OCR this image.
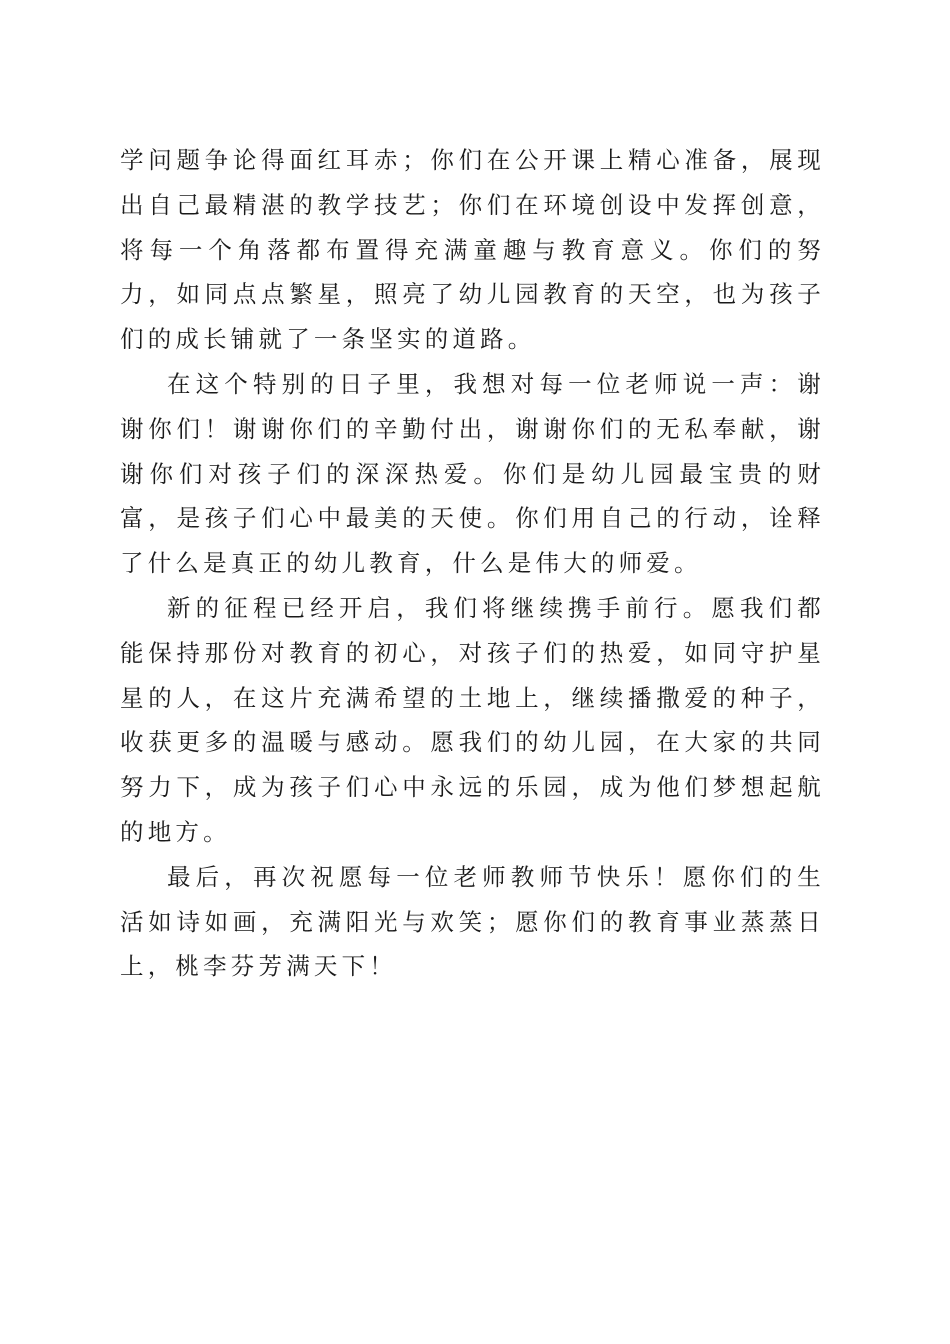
学问题争论得面红耳赤；你们在公开课上精心准备，展现出自己最精湛的教学技艺；你们在环境创设中发挥创意，将每一个角落都布置得充满童趣与教育意义。你们的努力，如同点点繁星，照亮了幼儿园教育的天空，也为孩子们的成长铺就了一条坚实的道路。

在这个特别的日子里，我想对每一位老师说一声：谢谢你们！谢谢你们的辛勤付出，谢谢你们的无私奉献，谢谢你们对孩子们的深深热爱。你们是幼儿园最宝贵的财富，是孩子们心中最美的天使。你们用自己的行动，诠释了什么是真正的幼儿教育，什么是伟大的师爱。

新的征程已经开启，我们将继续携手前行。愿我们都能保持那份对教育的初心，对孩子们的热爱，如同守护星星的人，在这片充满希望的土地上，继续播撒爱的种子，收获更多的温暖与感动。愿我们的幼儿园，在大家的共同努力下，成为孩子们心中永远的乐园，成为他们梦想起航的地方。

最后，再次祝愿每一位老师教师节快乐！愿你们的生活如诗如画，充满阳光与欢笑；愿你们的教育事业蒸蒸日上，桃李芬芳满天下！
